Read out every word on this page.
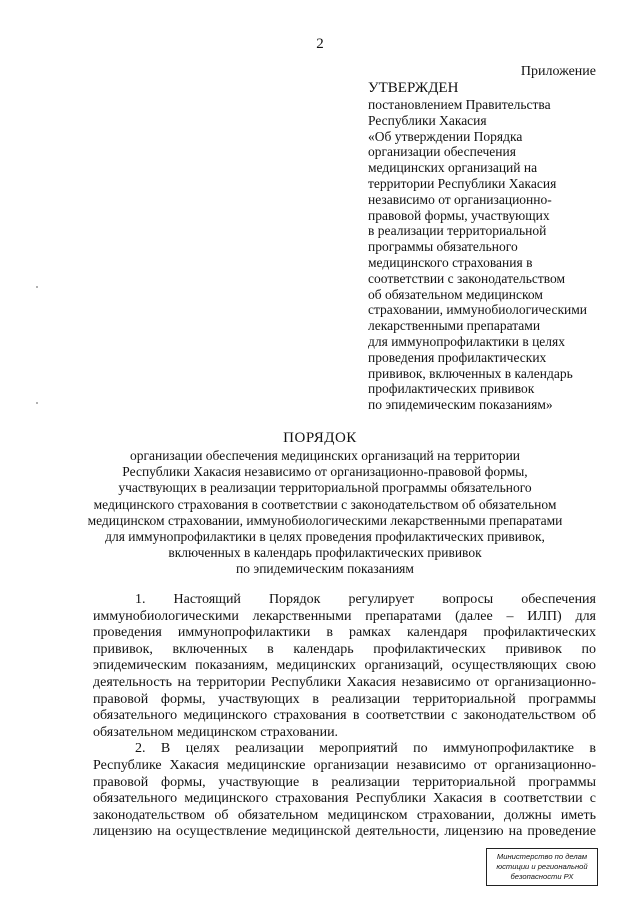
2
Приложение
УТВЕРЖДЕН
постановлением Правительства
Республики Хакасия
«Об утверждении Порядка
организации обеспечения
медицинских организаций на
территории Республики Хакасия
независимо от организационно-
правовой формы, участвующих
в реализации территориальной
программы обязательного
медицинского страхования в
соответствии с законодательством
об обязательном медицинском
страховании, иммунобиологическими
лекарственными препаратами
для иммунопрофилактики в целях
проведения профилактических
прививок, включенных в календарь
профилактических прививок
по эпидемическим показаниям»
ПОРЯДОК
организации обеспечения медицинских организаций на территории
Республики Хакасия независимо от организационно-правовой формы,
участвующих в реализации территориальной программы обязательного
медицинского страхования в соответствии с законодательством об обязательном
медицинском страховании, иммунобиологическими лекарственными препаратами
для иммунопрофилактики в целях проведения профилактических прививок,
включенных в календарь профилактических прививок
по эпидемическим показаниям
1. Настоящий Порядок регулирует вопросы обеспечения
иммунобиологическими лекарственными препаратами (далее – ИЛП) для
проведения иммунопрофилактики в рамках календаря профилактических
прививок, включенных в календарь профилактических прививок по
эпидемическим показаниям, медицинских организаций, осуществляющих свою
деятельность на территории Республики Хакасия независимо от организационно-
правовой формы, участвующих в реализации территориальной программы
обязательного медицинского страхования в соответствии с законодательством об
обязательном медицинском страховании.
2. В целях реализации мероприятий по иммунопрофилактике в
Республике Хакасия медицинские организации независимо от организационно-
правовой формы, участвующие в реализации территориальной программы
обязательного медицинского страхования Республики Хакасия в соответствии с
законодательством об обязательном медицинском страховании, должны иметь
лицензию на осуществление медицинской деятельности, лицензию на проведение
Министерство по делам
юстиции и региональной
безопасности РХ
